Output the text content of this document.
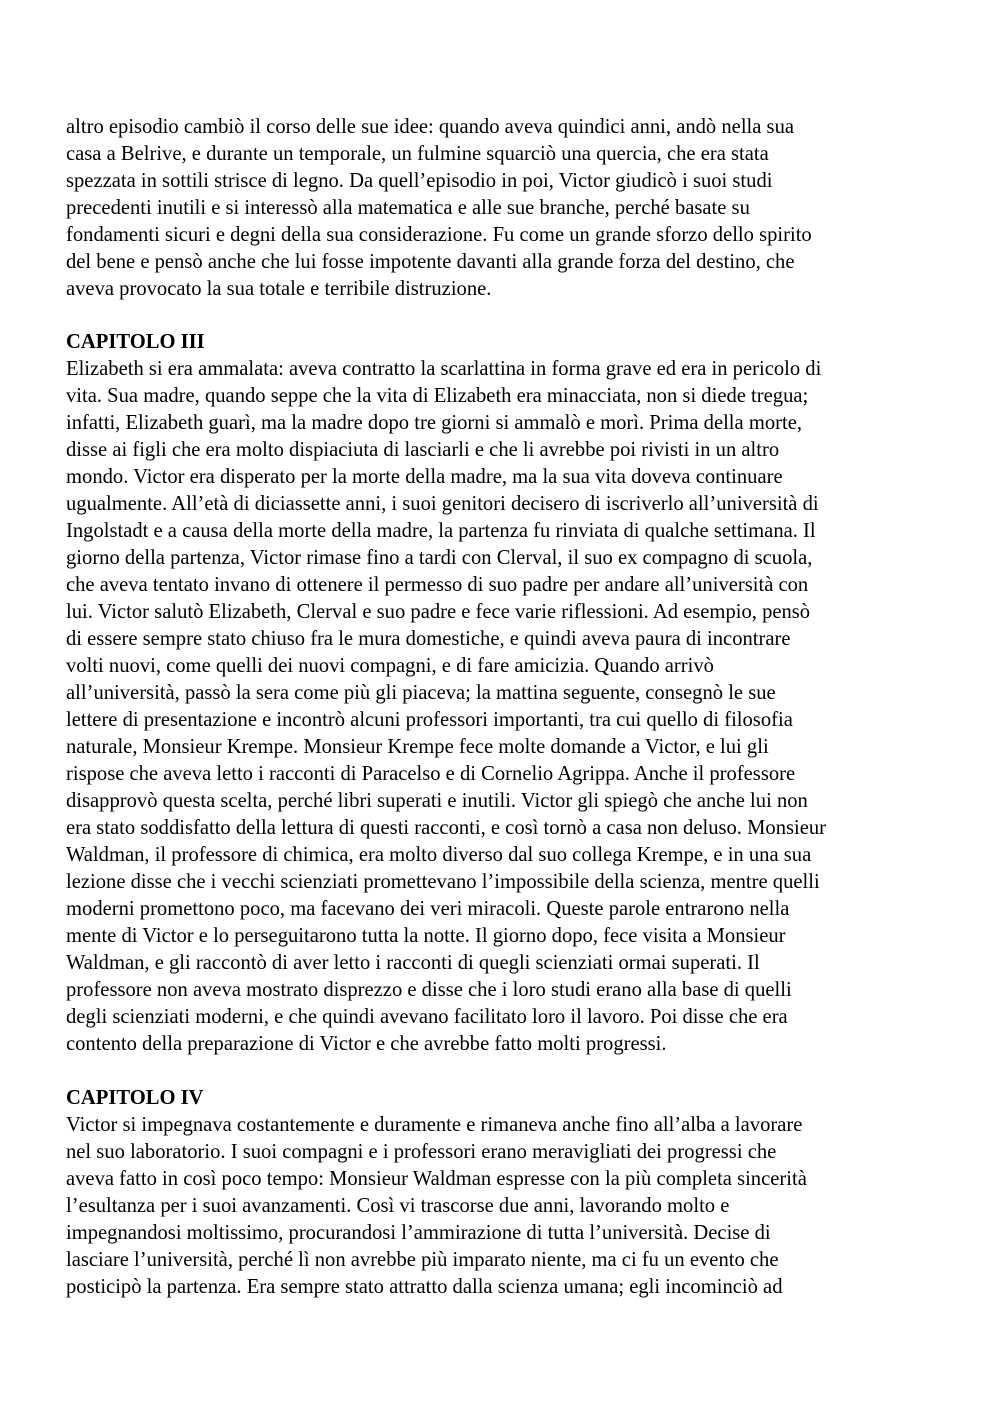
altro episodio cambiò il corso delle sue idee: quando aveva quindici anni, andò nella sua
casa a Belrive, e durante un temporale, un fulmine squarciò una quercia, che era stata
spezzata in sottili strisce di legno. Da quell’episodio in poi, Victor giudicò i suoi studi
precedenti inutili e si interessò alla matematica e alle sue branche, perché basate su
fondamenti sicuri e degni della sua considerazione. Fu come un grande sforzo dello spirito
del bene e pensò anche che lui fosse impotente davanti alla grande forza del destino, che
aveva provocato la sua totale e terribile distruzione.
CAPITOLO III
Elizabeth si era ammalata: aveva contratto la scarlattina in forma grave ed era in pericolo di
vita. Sua madre, quando seppe che la vita di Elizabeth era minacciata, non si diede tregua;
infatti, Elizabeth guarì, ma la madre dopo tre giorni si ammalò e morì. Prima della morte,
disse ai figli che era molto dispiaciuta di lasciarli e che li avrebbe poi rivisti in un altro
mondo. Victor era disperato per la morte della madre, ma la sua vita doveva continuare
ugualmente. All’età di diciassette anni, i suoi genitori decisero di iscriverlo all’università di
Ingolstadt e a causa della morte della madre, la partenza fu rinviata di qualche settimana. Il
giorno della partenza, Victor rimase fino a tardi con Clerval, il suo ex compagno di scuola,
che aveva tentato invano di ottenere il permesso di suo padre per andare all’università con
lui. Victor salutò Elizabeth, Clerval e suo padre e fece varie riflessioni. Ad esempio, pensò
di essere sempre stato chiuso fra le mura domestiche, e quindi aveva paura di incontrare
volti nuovi, come quelli dei nuovi compagni, e di fare amicizia. Quando arrivò
all’università, passò la sera come più gli piaceva; la mattina seguente, consegnò le sue
lettere di presentazione e incontrò alcuni professori importanti, tra cui quello di filosofia
naturale, Monsieur Krempe. Monsieur Krempe fece molte domande a Victor, e lui gli
rispose che aveva letto i racconti di Paracelso e di Cornelio Agrippa. Anche il professore
disapprovò questa scelta, perché libri superati e inutili. Victor gli spiegò che anche lui non
era stato soddisfatto della lettura di questi racconti, e così tornò a casa non deluso. Monsieur
Waldman, il professore di chimica, era molto diverso dal suo collega Krempe, e in una sua
lezione disse che i vecchi scienziati promettevano l’impossibile della scienza, mentre quelli
moderni promettono poco, ma facevano dei veri miracoli. Queste parole entrarono nella
mente di Victor e lo perseguitarono tutta la notte. Il giorno dopo, fece visita a Monsieur
Waldman, e gli raccontò di aver letto i racconti di quegli scienziati ormai superati. Il
professore non aveva mostrato disprezzo e disse che i loro studi erano alla base di quelli
degli scienziati moderni, e che quindi avevano facilitato loro il lavoro. Poi disse che era
contento della preparazione di Victor e che avrebbe fatto molti progressi.
CAPITOLO IV
Victor si impegnava costantemente e duramente e rimaneva anche fino all’alba a lavorare
nel suo laboratorio. I suoi compagni e i professori erano meravigliati dei progressi che
aveva fatto in così poco tempo: Monsieur Waldman espresse con la più completa sincerità
l’esultanza per i suoi avanzamenti. Così vi trascorse due anni, lavorando molto e
impegnandosi moltissimo, procurandosi l’ammirazione di tutta l’università. Decise di
lasciare l’università, perché lì non avrebbe più imparato niente, ma ci fu un evento che
posticipò la partenza. Era sempre stato attratto dalla scienza umana; egli incominciò ad
